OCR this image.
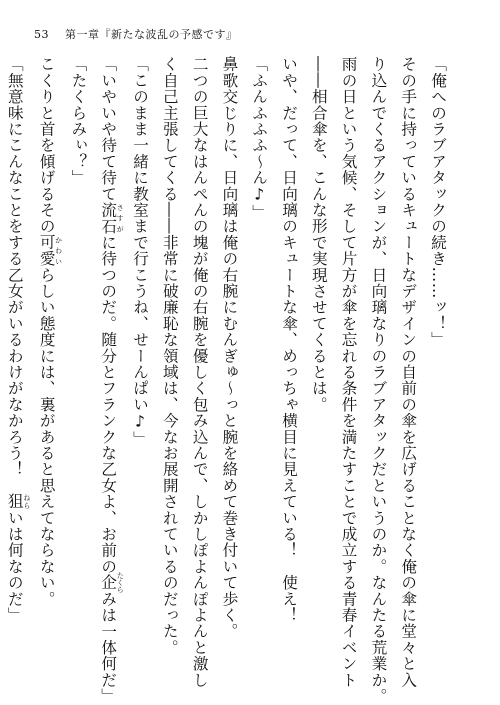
53 第一章『新たな波乱の予感です』
「俺へのラブアタックの続き……ッ！」
その手に持っているキュートなデザインの自前の傘を広げることなく俺の傘に堂々と入
り込んでくるアクションが、日向璃なりのラブアタックだというのか。なんたる荒業か。
雨の日という気候、そして片方が傘を忘れる条件を満たすことで成立する青春イベント
――相合傘を、こんな形で実現させてくるとは。
いや、だって、日向璃のキュートな傘、めっちゃ横目に見えている！　使え！
「ふんふふふ～ん♪」
鼻歌交じりに、日向璃は俺の右腕にむんぎゅ～っと腕を絡めて巻き付いて歩く。
二つの巨大なはんぺんの塊が俺の右腕を優しく包み込んで、しかしぽよんぽよんと激し
く自己主張してくる――非常に破廉恥な領域は、今なお展開されているのだった。
「このまま一緒に教室まで行こうね、せーんぱい♪」
「いやいや待て待て流石 さすがに待つのだ。随分とフランクな乙女よ、お前の企 たくらみは一体何だ」
「たくらみぃ？」
こくりと首を傾げるその可愛 かわいらしい態度には、裏があると思えてならない。
「無意味にこんなことをする乙女がいるわけがなかろう！　狙 ねらいは何なのだ」
